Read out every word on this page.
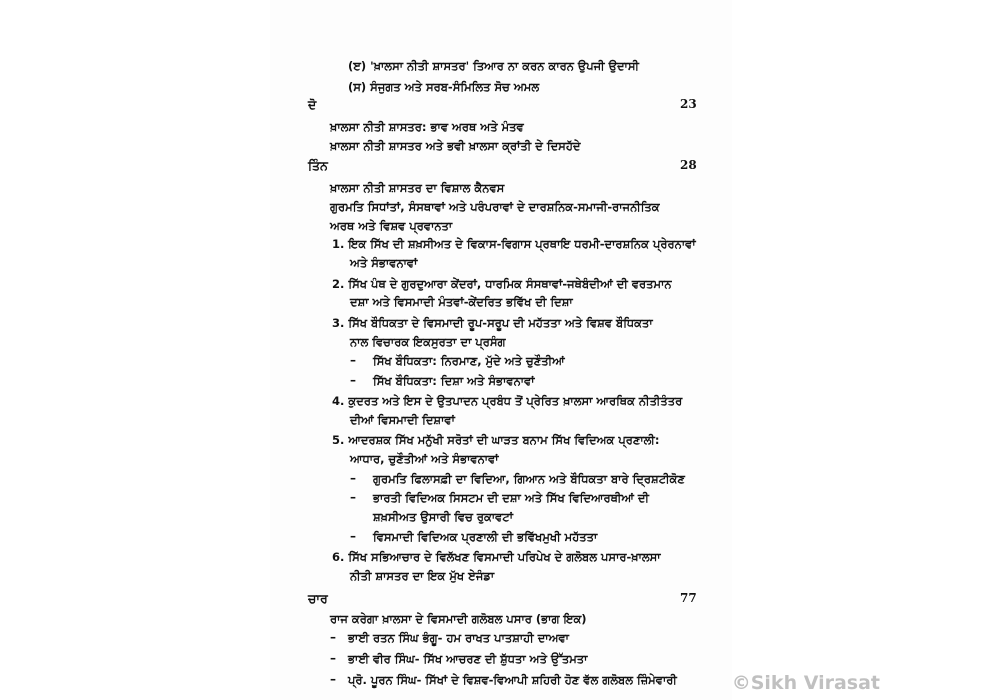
(ੲ) 'ਖ਼ਾਲਸਾ ਨੀਤੀ ਸ਼ਾਸਤਰ' ਤਿਆਰ ਨਾ ਕਰਨ ਕਾਰਨ ਉਪਜੀ ਉਦਾਸੀ
(ਸ) ਸੰਜੁਗਤ ਅਤੇ ਸਰਬ-ਸੰਮਿਲਿਤ ਸੋਚ ਅਮਲ
ਦੋ	23
ਖ਼ਾਲਸਾ ਨੀਤੀ ਸ਼ਾਸਤਰ: ਭਾਵ ਅਰਥ ਅਤੇ ਮੰਤਵ
ਖ਼ਾਲਸਾ ਨੀਤੀ ਸ਼ਾਸਤਰ ਅਤੇ ਭਵੀ ਖ਼ਾਲਸਾ ਕ੍ਰਾਂਤੀ ਦੇ ਦਿਸਹੱਦੇ
ਤਿੰਨ	28
ਖ਼ਾਲਸਾ ਨੀਤੀ ਸ਼ਾਸਤਰ ਦਾ ਵਿਸ਼ਾਲ ਕੈਨਵਸ
ਗੁਰਮਤਿ ਸਿਧਾਂਤਾਂ, ਸੰਸਥਾਵਾਂ ਅਤੇ ਪਰੰਪਰਾਵਾਂ ਦੇ ਦਾਰਸ਼ਨਿਕ-ਸਮਾਜੀ-ਰਾਜਨੀਤਿਕ
ਅਰਥ ਅਤੇ ਵਿਸ਼ਵ ਪ੍ਰਵਾਨਤਾ
1. ਇਕ ਸਿੱਖ ਦੀ ਸ਼ਖ਼ਸੀਅਤ ਦੇ ਵਿਕਾਸ-ਵਿਗਾਸ ਪ੍ਰਥਾਇ ਧਰਮੀ-ਦਾਰਸ਼ਨਿਕ ਪ੍ਰੇਰਨਾਵਾਂ
ਅਤੇ ਸੰਭਾਵਨਾਵਾਂ
2. ਸਿੱਖ ਪੰਥ ਦੇ ਗੁਰਦੁਆਰਾ ਕੇਂਦਰਾਂ, ਧਾਰਮਿਕ ਸੰਸਥਾਵਾਂ-ਜਥੇਬੰਦੀਆਂ ਦੀ ਵਰਤਮਾਨ
ਦਸ਼ਾ ਅਤੇ ਵਿਸਮਾਦੀ ਮੰਤਵਾਂ-ਕੇਂਦਰਿਤ ਭਵਿੱਖ ਦੀ ਦਿਸ਼ਾ
3. ਸਿੱਖ ਬੌਧਿਕਤਾ ਦੇ ਵਿਸਮਾਦੀ ਰੂਪ-ਸਰੂਪ ਦੀ ਮਹੱਤਤਾ ਅਤੇ ਵਿਸ਼ਵ ਬੌਧਿਕਤਾ
ਨਾਲ ਵਿਚਾਰਕ ਇਕਸੁਰਤਾ ਦਾ ਪ੍ਰਸੰਗ
– ਸਿੱਖ ਬੌਧਿਕਤਾ: ਨਿਰਮਾਣ, ਮੁੱਦੇ ਅਤੇ ਚੁਣੌਤੀਆਂ
– ਸਿੱਖ ਬੌਧਿਕਤਾ: ਦਿਸ਼ਾ ਅਤੇ ਸੰਭਾਵਨਾਵਾਂ
4. ਕੁਦਰਤ ਅਤੇ ਇਸ ਦੇ ਉਤਪਾਦਨ ਪ੍ਰਬੰਧ ਤੋਂ ਪ੍ਰੇਰਿਤ ਖ਼ਾਲਸਾ ਆਰਥਿਕ ਨੀਤੀਤੰਤਰ
ਦੀਆਂ ਵਿਸਮਾਦੀ ਦਿਸ਼ਾਵਾਂ
5. ਆਦਰਸ਼ਕ ਸਿੱਖ ਮਨੁੱਖੀ ਸਰੋਤਾਂ ਦੀ ਘਾੜਤ ਬਨਾਮ ਸਿੱਖ ਵਿਦਿਅਕ ਪ੍ਰਣਾਲੀ:
ਆਧਾਰ, ਚੁਣੌਤੀਆਂ ਅਤੇ ਸੰਭਾਵਨਾਵਾਂ
– ਗੁਰਮਤਿ ਫਿਲਾਸਫ਼ੀ ਦਾ ਵਿਦਿਆ, ਗਿਆਨ ਅਤੇ ਬੌਧਿਕਤਾ ਬਾਰੇ ਦ੍ਰਿਸ਼ਟੀਕੋਣ
– ਭਾਰਤੀ ਵਿਦਿਅਕ ਸਿਸਟਮ ਦੀ ਦਸ਼ਾ ਅਤੇ ਸਿੱਖ ਵਿਦਿਆਰਥੀਆਂ ਦੀ
ਸ਼ਖ਼ਸੀਅਤ ਉਸਾਰੀ ਵਿਚ ਰੁਕਾਵਟਾਂ
– ਵਿਸਮਾਦੀ ਵਿਦਿਅਕ ਪ੍ਰਣਾਲੀ ਦੀ ਭਵਿੱਖਮੁਖੀ ਮਹੱਤਤਾ
6. ਸਿੱਖ ਸਭਿਆਚਾਰ ਦੇ ਵਿਲੱਖਣ ਵਿਸਮਾਦੀ ਪਰਿਪੇਖ ਦੇ ਗਲੋਬਲ ਪਸਾਰ-ਖ਼ਾਲਸਾ
ਨੀਤੀ ਸ਼ਾਸਤਰ ਦਾ ਇਕ ਮੁੱਖ ਏਜੰਡਾ
ਚਾਰ	77
ਰਾਜ ਕਰੇਗਾ ਖ਼ਾਲਸਾ ਦੇ ਵਿਸਮਾਦੀ ਗਲੋਬਲ ਪਸਾਰ (ਭਾਗ ਇਕ)
– ਭਾਈ ਰਤਨ ਸਿੰਘ ਭੰਗੂ- ਹਮ ਰਾਖਤ ਪਾਤਸ਼ਾਹੀ ਦਾਅਵਾ
– ਭਾਈ ਵੀਰ ਸਿੰਘ- ਸਿੱਖ ਆਚਰਣ ਦੀ ਸ਼ੁੱਧਤਾ ਅਤੇ ਉੱਤਮਤਾ
– ਪ੍ਰੋ. ਪੂਰਨ ਸਿੰਘ- ਸਿੱਖਾਂ ਦੇ ਵਿਸ਼ਵ-ਵਿਆਪੀ ਸ਼ਹਿਰੀ ਹੋਣ ਵੱਲ ਗਲੋਬਲ ਜ਼ਿੰਮੇਵਾਰੀ	©Sikh Virasat
